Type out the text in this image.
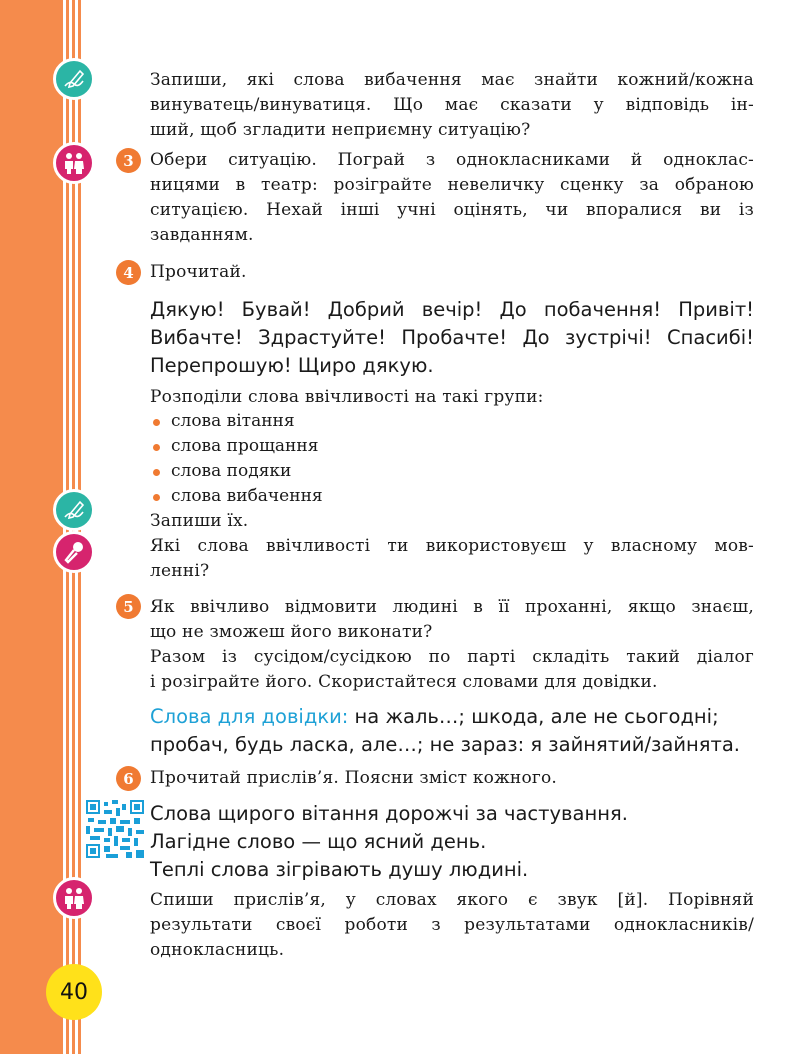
Запиши, які слова вибачення має знайти кожний/кожна
винуватець/винуватиця. Що має сказати у відповідь ін-
ший, щоб згладити неприємну ситуацію?
3 Обери ситуацію. Пограй з однокласниками й одноклас-
ницями в театр: розіграйте невеличку сценку за обраною
ситуацією. Нехай інші учні оцінять, чи впоралися ви із
завданням.
4 Прочитай.
Дякую! Бувай! Добрий вечір! До побачення! Привіт!
Вибачте! Здрастуйте! Пробачте! До зустрічі! Спасибі!
Перепрошую! Щиро дякую.
Розподіли слова ввічливості на такі групи:
слова вітання
слова прощання
слова подяки
слова вибачення
Запиши їх.
Які слова ввічливості ти використовуєш у власному мов-
ленні?
5 Як ввічливо відмовити людині в її проханні, якщо знаєш,
що не зможеш його виконати?
Разом із сусідом/сусідкою по парті складіть такий діалог
і розіграйте його. Скористайтеся словами для довідки.
Слова для довідки: на жаль…; шкода, але не сьогодні;
пробач, будь ласка, але…; не зараз: я зайнятий/зайнята.
6 Прочитай прислів’я. Поясни зміст кожного.
Слова щирого вітання дорожчі за частування.
Лагідне слово — що ясний день.
Теплі слова зігрівають душу людині.
Спиши прислів’я, у словах якого є звук [й]. Порівняй
результати своєї роботи з результатами однокласників/
однокласниць.
40
